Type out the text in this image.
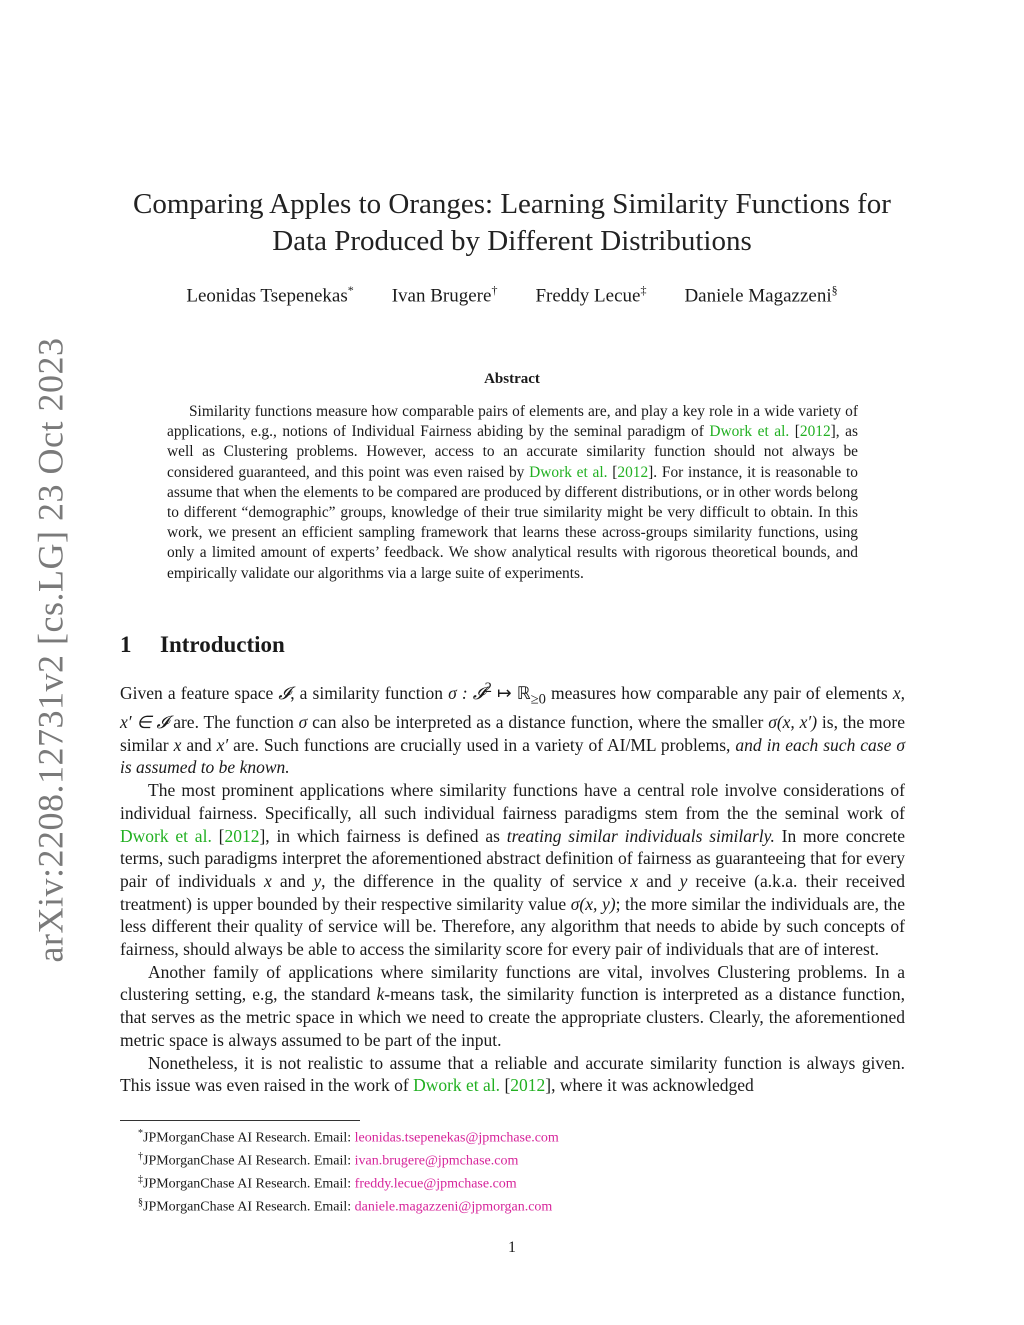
arXiv:2208.12731v2 [cs.LG] 23 Oct 2023
Comparing Apples to Oranges: Learning Similarity Functions for
Data Produced by Different Distributions
Leonidas Tsepenekas* Ivan Brugere† Freddy Lecue‡ Daniele Magazzeni§
Abstract
Similarity functions measure how comparable pairs of elements are, and play a key role in a wide variety of applications, e.g., notions of Individual Fairness abiding by the seminal paradigm of Dwork et al. [2012], as well as Clustering problems. However, access to an accurate similarity function should not always be considered guaranteed, and this point was even raised by Dwork et al. [2012]. For instance, it is reasonable to assume that when the elements to be compared are produced by different distributions, or in other words belong to different “demographic” groups, knowledge of their true similarity might be very difficult to obtain. In this work, we present an efficient sampling framework that learns these across-groups similarity functions, using only a limited amount of experts’ feedback. We show analytical results with rigorous theoretical bounds, and empirically validate our algorithms via a large suite of experiments.
1 Introduction

Given a feature space 𝓘, a similarity function σ : 𝓘$^2$ ↦ ℝ$_{\ge 0}$ measures how comparable any pair of elements x, x′ ∈ 𝓘 are. The function σ can also be interpreted as a distance function, where the smaller σ(x, x′) is, the more similar x and x′ are. Such functions are crucially used in a variety of AI/ML problems, and in each such case σ is assumed to be known.

The most prominent applications where similarity functions have a central role involve considerations of individual fairness. Specifically, all such individual fairness paradigms stem from the the seminal work of Dwork et al. [2012], in which fairness is defined as treating similar individuals similarly. In more concrete terms, such paradigms interpret the aforementioned abstract definition of fairness as guaranteeing that for every pair of individuals x and y, the difference in the quality of service x and y receive (a.k.a. their received treatment) is upper bounded by their respective similarity value σ(x, y); the more similar the individuals are, the less different their quality of service will be. Therefore, any algorithm that needs to abide by such concepts of fairness, should always be able to access the similarity score for every pair of individuals that are of interest.

Another family of applications where similarity functions are vital, involves Clustering problems. In a clustering setting, e.g, the standard k-means task, the similarity function is interpreted as a distance function, that serves as the metric space in which we need to create the appropriate clusters. Clearly, the aforementioned metric space is always assumed to be part of the input.

Nonetheless, it is not realistic to assume that a reliable and accurate similarity function is always given. This issue was even raised in the work of Dwork et al. [2012], where it was acknowledged

*JPMorganChase AI Research. Email: leonidas.tsepenekas@jpmchase.com
†JPMorganChase AI Research. Email: ivan.brugere@jpmchase.com
‡JPMorganChase AI Research. Email: freddy.lecue@jpmchase.com
§JPMorganChase AI Research. Email: daniele.magazzeni@jpmorgan.com
1
